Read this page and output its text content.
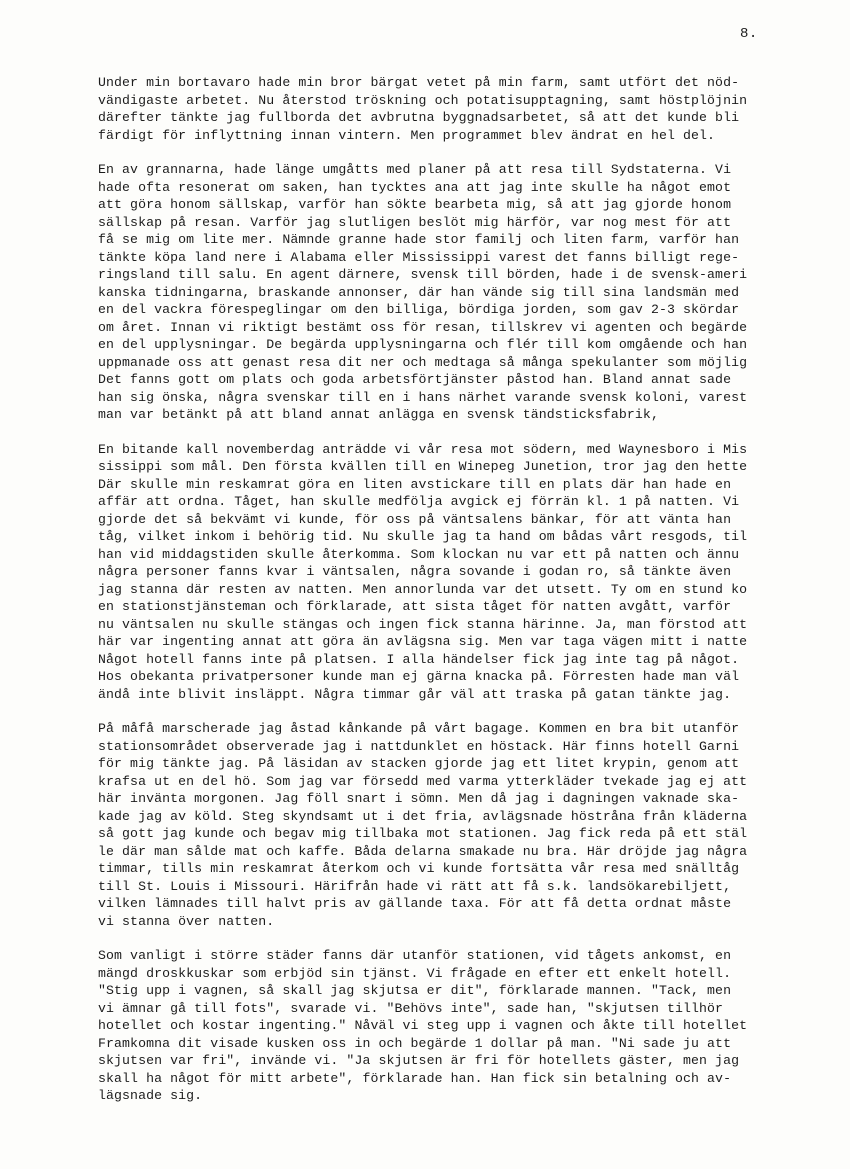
8.
Under min bortavaro hade min bror bärgat vetet på min farm, samt utfört det nöd-
vändigaste arbetet. Nu återstod tröskning och potatisupptagning, samt höstplöjnin
därefter tänkte jag fullborda det avbrutna byggnadsarbetet, så att det kunde bli
färdigt för inflyttning innan vintern. Men programmet blev ändrat en hel del.
En av grannarna, hade länge umgåtts med planer på att resa till Sydstaterna. Vi
hade ofta resonerat om saken, han tycktes ana att jag inte skulle ha något emot
att göra honom sällskap, varför han sökte bearbeta mig, så att jag gjorde honom
sällskap på resan. Varför jag slutligen beslöt mig härför, var nog mest för att
få se mig om lite mer. Nämnde granne hade stor familj och liten farm, varför han
tänkte köpa land nere i Alabama eller Mississippi varest det fanns billigt rege-
ringsland till salu. En agent därnere, svensk till börden, hade i de svensk-ameri
kanska tidningarna, braskande annonser, där han vände sig till sina landsmän med
en del vackra förespeglingar om den billiga, bördiga jorden, som gav 2-3 skördar
om året. Innan vi riktigt bestämt oss för resan, tillskrev vi agenten och begärde
en del upplysningar. De begärda upplysningarna och flér till kom omgående och han
uppmanade oss att genast resa dit ner och medtaga så många spekulanter som möjlig
Det fanns gott om plats och goda arbetsförtjänster påstod han. Bland annat sade
han sig önska, några svenskar till en i hans närhet varande svensk koloni, varest
man var betänkt på att bland annat anlägga en svensk tändsticksfabrik,
En bitande kall novemberdag anträdde vi vår resa mot södern, med Waynesboro i Mis
sissippi som mål. Den första kvällen till en Winepeg Junetion, tror jag den hette
Där skulle min reskamrat göra en liten avstickare till en plats där han hade en
affär att ordna. Tåget, han skulle medfölja avgick ej förrän kl. 1 på natten. Vi
gjorde det så bekvämt vi kunde, för oss på väntsalens bänkar, för att vänta han
tåg, vilket inkom i behörig tid. Nu skulle jag ta hand om bådas vårt resgods, til
han vid middagstiden skulle återkomma. Som klockan nu var ett på natten och ännu
några personer fanns kvar i väntsalen, några sovande i godan ro, så tänkte även
jag stanna där resten av natten. Men annorlunda var det utsett. Ty om en stund ko
en stationstjänsteman och förklarade, att sista tåget för natten avgått, varför
nu väntsalen nu skulle stängas och ingen fick stanna härinne. Ja, man förstod att
här var ingenting annat att göra än avlägsna sig. Men var taga vägen mitt i natte
Något hotell fanns inte på platsen. I alla händelser fick jag inte tag på något.
Hos obekanta privatpersoner kunde man ej gärna knacka på. Förresten hade man väl
ändå inte blivit insläppt. Några timmar går väl att traska på gatan tänkte jag.
På måfå marscherade jag åstad kånkande på vårt bagage. Kommen en bra bit utanför
stationsområdet observerade jag i nattdunklet en höstack. Här finns hotell Garni
för mig tänkte jag. På läsidan av stacken gjorde jag ett litet krypin, genom att
krafsa ut en del hö. Som jag var försedd med varma ytterkläder tvekade jag ej att
här invänta morgonen. Jag föll snart i sömn. Men då jag i dagningen vaknade ska-
kade jag av köld. Steg skyndsamt ut i det fria, avlägsnade höstråna från kläderna
så gott jag kunde och begav mig tillbaka mot stationen. Jag fick reda på ett stäl
le där man sålde mat och kaffe. Båda delarna smakade nu bra. Här dröjde jag några
timmar, tills min reskamrat återkom och vi kunde fortsätta vår resa med snälltåg
till St. Louis i Missouri. Härifrån hade vi rätt att få s.k. landsökarebiljett,
vilken lämnades till halvt pris av gällande taxa. För att få detta ordnat måste
vi stanna över natten.
Som vanligt i större städer fanns där utanför stationen, vid tågets ankomst, en
mängd droskkuskar som erbjöd sin tjänst. Vi frågade en efter ett enkelt hotell.
"Stig upp i vagnen, så skall jag skjutsa er dit", förklarade mannen. "Tack, men
vi ämnar gå till fots", svarade vi. "Behövs inte", sade han, "skjutsen tillhör
hotellet och kostar ingenting." Nåväl vi steg upp i vagnen och åkte till hotellet
Framkomna dit visade kusken oss in och begärde 1 dollar på man. "Ni sade ju att
skjutsen var fri", invände vi. "Ja skjutsen är fri för hotellets gäster, men jag
skall ha något för mitt arbete", förklarade han. Han fick sin betalning och av-
lägsnade sig.
